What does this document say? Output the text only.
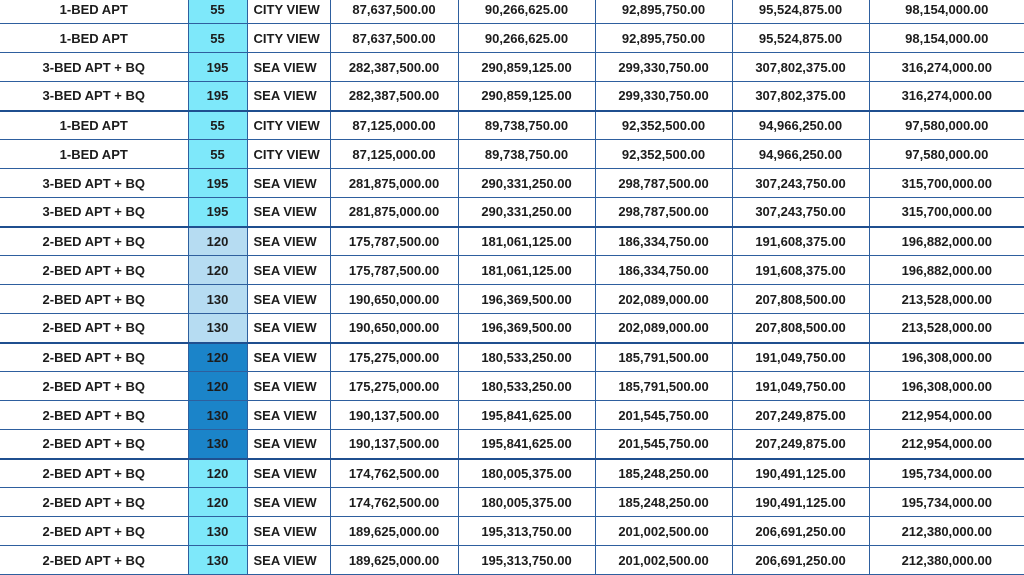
1-BED APT	55	CITY VIEW	87,637,500.00	90,266,625.00	92,895,750.00	95,524,875.00	98,154,000.00
1-BED APT	55	CITY VIEW	87,637,500.00	90,266,625.00	92,895,750.00	95,524,875.00	98,154,000.00
3-BED APT + BQ	195	SEA VIEW	282,387,500.00	290,859,125.00	299,330,750.00	307,802,375.00	316,274,000.00
3-BED APT + BQ	195	SEA VIEW	282,387,500.00	290,859,125.00	299,330,750.00	307,802,375.00	316,274,000.00
1-BED APT	55	CITY VIEW	87,125,000.00	89,738,750.00	92,352,500.00	94,966,250.00	97,580,000.00
1-BED APT	55	CITY VIEW	87,125,000.00	89,738,750.00	92,352,500.00	94,966,250.00	97,580,000.00
3-BED APT + BQ	195	SEA VIEW	281,875,000.00	290,331,250.00	298,787,500.00	307,243,750.00	315,700,000.00
3-BED APT + BQ	195	SEA VIEW	281,875,000.00	290,331,250.00	298,787,500.00	307,243,750.00	315,700,000.00
2-BED APT + BQ	120	SEA VIEW	175,787,500.00	181,061,125.00	186,334,750.00	191,608,375.00	196,882,000.00
2-BED APT + BQ	120	SEA VIEW	175,787,500.00	181,061,125.00	186,334,750.00	191,608,375.00	196,882,000.00
2-BED APT + BQ	130	SEA VIEW	190,650,000.00	196,369,500.00	202,089,000.00	207,808,500.00	213,528,000.00
2-BED APT + BQ	130	SEA VIEW	190,650,000.00	196,369,500.00	202,089,000.00	207,808,500.00	213,528,000.00
2-BED APT + BQ	120	SEA VIEW	175,275,000.00	180,533,250.00	185,791,500.00	191,049,750.00	196,308,000.00
2-BED APT + BQ	120	SEA VIEW	175,275,000.00	180,533,250.00	185,791,500.00	191,049,750.00	196,308,000.00
2-BED APT + BQ	130	SEA VIEW	190,137,500.00	195,841,625.00	201,545,750.00	207,249,875.00	212,954,000.00
2-BED APT + BQ	130	SEA VIEW	190,137,500.00	195,841,625.00	201,545,750.00	207,249,875.00	212,954,000.00
2-BED APT + BQ	120	SEA VIEW	174,762,500.00	180,005,375.00	185,248,250.00	190,491,125.00	195,734,000.00
2-BED APT + BQ	120	SEA VIEW	174,762,500.00	180,005,375.00	185,248,250.00	190,491,125.00	195,734,000.00
2-BED APT + BQ	130	SEA VIEW	189,625,000.00	195,313,750.00	201,002,500.00	206,691,250.00	212,380,000.00
2-BED APT + BQ	130	SEA VIEW	189,625,000.00	195,313,750.00	201,002,500.00	206,691,250.00	212,380,000.00
